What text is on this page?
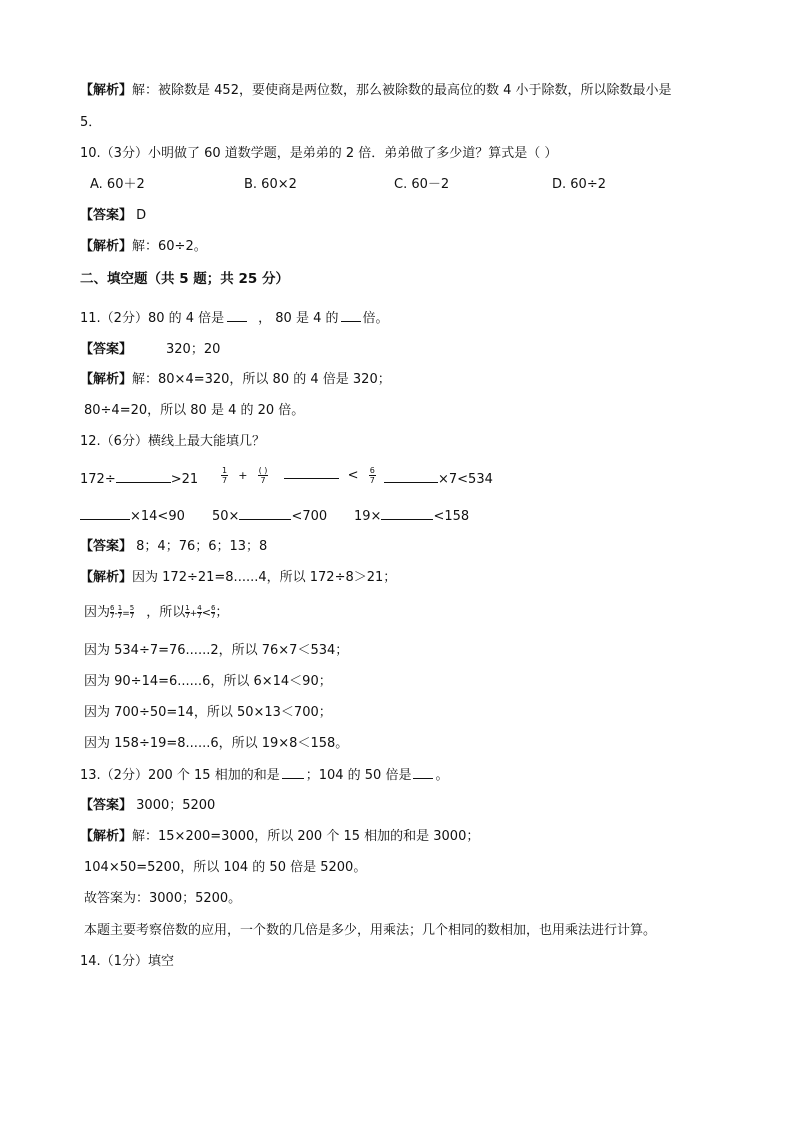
【解析】解：被除数是 452，要使商是两位数，那么被除数的最高位的数 4 小于除数，所以除数最小是
5．
10.（3分）小明做了 60 道数学题，是弟弟的 2 倍．弟弟做了多少道？算式是（ ）
A. 60＋2	B. 60×2	C. 60－2	D. 60÷2
【答案】 D
【解析】解：60÷2。
二、填空题（共 5 题；共 25 分）
11.（2分）80 的 4 倍是	， 80 是 4 的 倍。
【答案】	320；20
【解析】解：80×4=320，所以 80 的 4 倍是 320；
80÷4=20，所以 80 是 4 的 20 倍。
12.（6分）横线上最大能填几？
172÷	>21	$\frac{1}{7} + \frac{( )}{7}$	< $\frac{6}{7}$	×7<534
×14<90 50×	<700 19×	<158
【答案】 8；4；76；6；13；8
【解析】因为 172÷21=8......4，所以 172÷8＞21；
因为 $\frac{6}{7} - \frac{1}{7} = \frac{5}{7}$ ，所以 $\frac{1}{7} + \frac{4}{7} < \frac{6}{7}$ ；
因为 534÷7=76......2，所以 76×7＜534；
因为 90÷14=6......6，所以 6×14＜90；
因为 700÷50=14，所以 50×13＜700；
因为 158÷19=8......6，所以 19×8＜158。
13.（2分）200 个 15 相加的和是 ；104 的 50 倍是 。
【答案】 3000；5200
【解析】解：15×200=3000，所以 200 个 15 相加的和是 3000；
104×50=5200，所以 104 的 50 倍是 5200。
故答案为：3000；5200。
本题主要考察倍数的应用，一个数的几倍是多少，用乘法；几个相同的数相加，也用乘法进行计算。
14.（1分）填空
